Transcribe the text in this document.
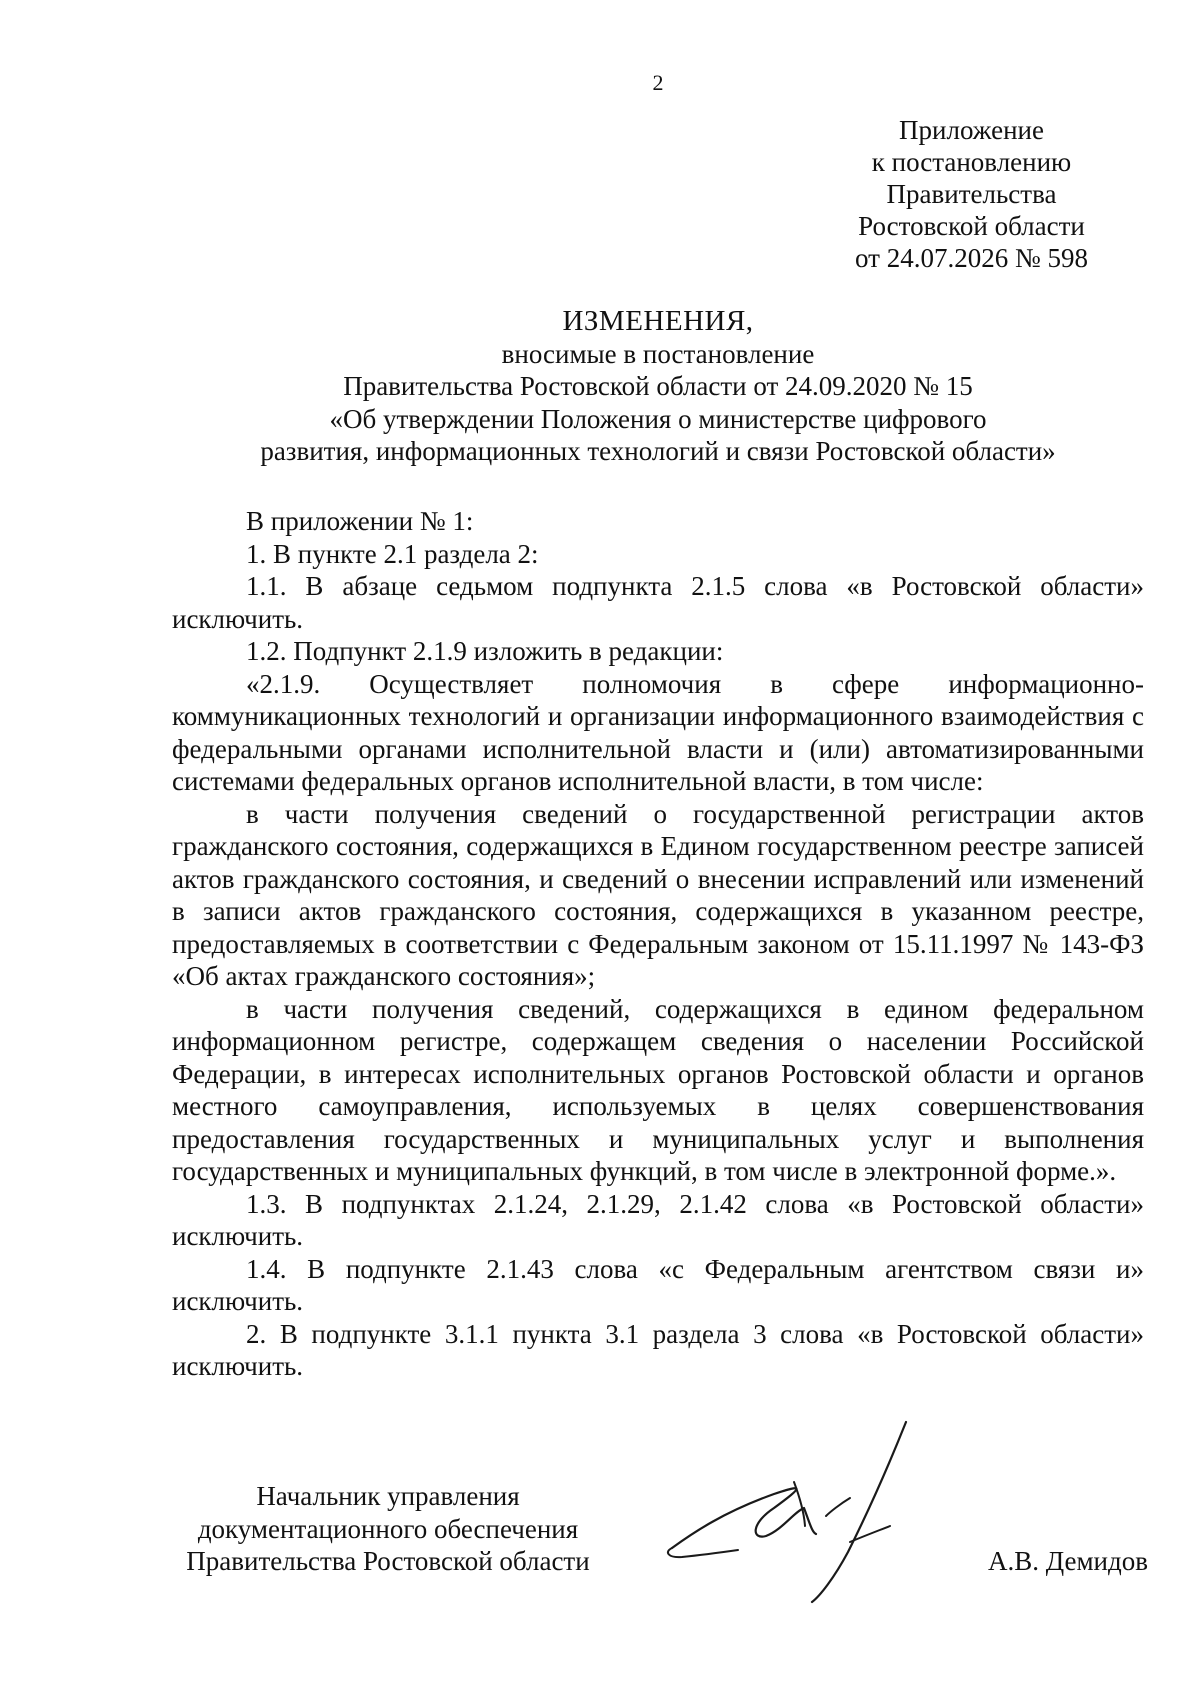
2
Приложение
к постановлению
Правительства
Ростовской области
от 24.07.2026 № 598
ИЗМЕНЕНИЯ,
вносимые в постановление
Правительства Ростовской области от 24.09.2020 № 15
«Об утверждении Положения о министерстве цифрового
развития, информационных технологий и связи Ростовской области»

В приложении № 1:

1. В пункте 2.1 раздела 2:

1.1. В абзаце седьмом подпункта 2.1.5 слова «в Ростовской области» исключить.

1.2. Подпункт 2.1.9 изложить в редакции:

«2.1.9. Осуществляет полномочия в сфере информационно-коммуникационных технологий и организации информационного взаимодействия с федеральными органами исполнительной власти и (или) автоматизированными системами федеральных органов исполнительной власти, в том числе:

в части получения сведений о государственной регистрации актов гражданского состояния, содержащихся в Едином государственном реестре записей актов гражданского состояния, и сведений о внесении исправлений или изменений в записи актов гражданского состояния, содержащихся в указанном реестре, предоставляемых в соответствии с Федеральным законом от 15.11.1997 № 143-ФЗ «Об актах гражданского состояния»;

в части получения сведений, содержащихся в едином федеральном информационном регистре, содержащем сведения о населении Российской Федерации, в интересах исполнительных органов Ростовской области и органов местного самоуправления, используемых в целях совершенствования предоставления государственных и муниципальных услуг и выполнения государственных и муниципальных функций, в том числе в электронной форме.».

1.3. В подпунктах 2.1.24, 2.1.29, 2.1.42 слова «в Ростовской области» исключить.

1.4. В подпункте 2.1.43 слова «с Федеральным агентством связи и» исключить.

2. В подпункте 3.1.1 пункта 3.1 раздела 3 слова «в Ростовской области» исключить.

Начальник управления
документационного обеспечения
Правительства Ростовской области	А.В. Демидов
